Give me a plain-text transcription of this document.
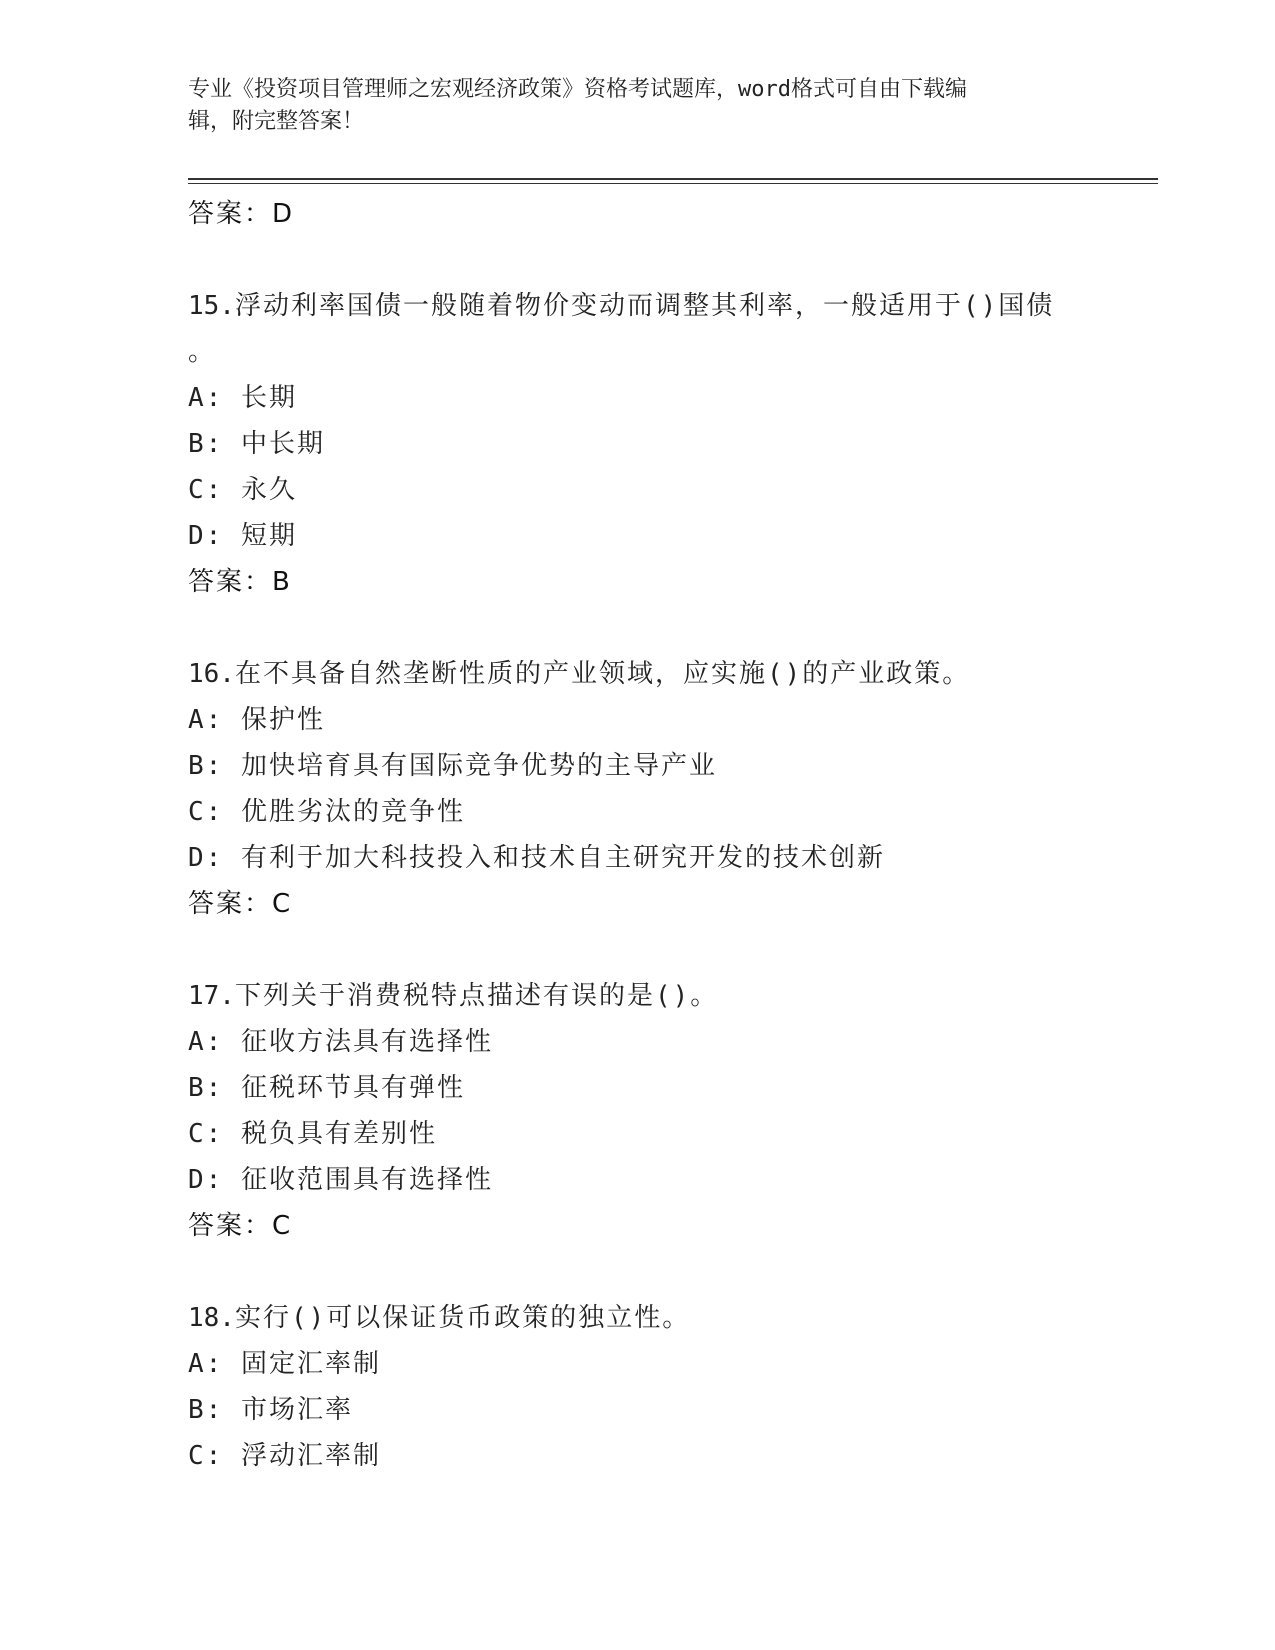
专业《投资项目管理师之宏观经济政策》资格考试题库，word格式可自由下载编
辑，附完整答案！
答案：D
15.浮动利率国债一般随着物价变动而调整其利率，一般适用于()国债
。
A: 长期
B: 中长期
C: 永久
D: 短期
答案：B
16.在不具备自然垄断性质的产业领域，应实施()的产业政策。
A: 保护性
B: 加快培育具有国际竞争优势的主导产业
C: 优胜劣汰的竞争性
D: 有利于加大科技投入和技术自主研究开发的技术创新
答案：C
17.下列关于消费税特点描述有误的是()。
A: 征收方法具有选择性
B: 征税环节具有弹性
C: 税负具有差别性
D: 征收范围具有选择性
答案：C
18.实行()可以保证货币政策的独立性。
A: 固定汇率制
B: 市场汇率
C: 浮动汇率制
